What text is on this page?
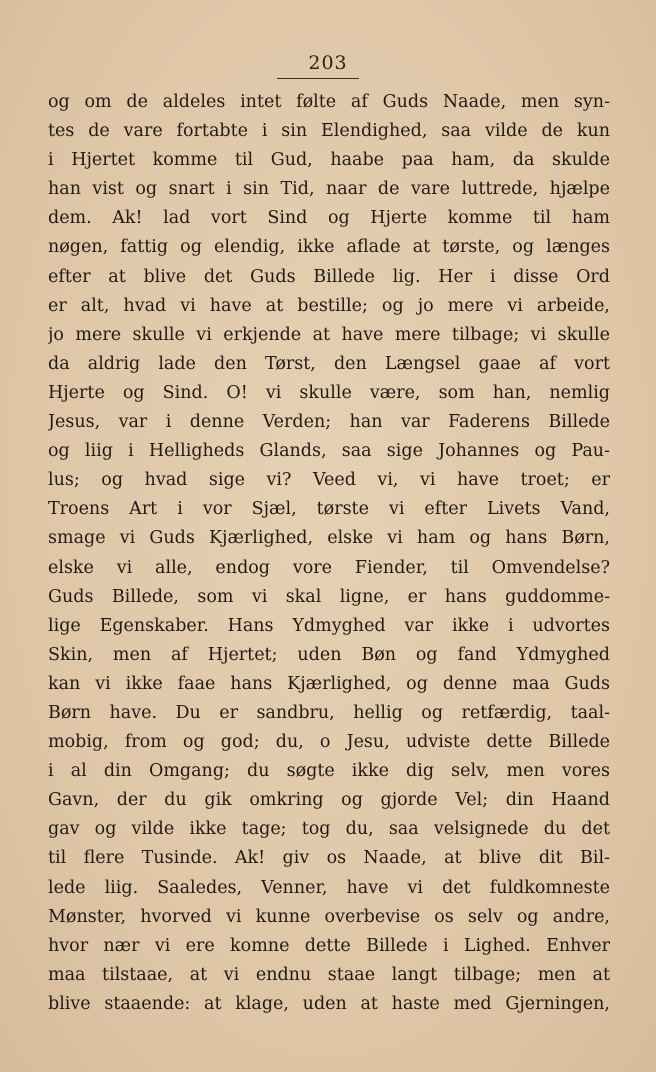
203
og om de aldeles intet følte af Guds Naade, men syn-
tes de vare fortabte i sin Elendighed, saa vilde de kun
i Hjertet komme til Gud, haabe paa ham, da skulde
han vist og snart i sin Tid, naar de vare luttrede, hjælpe
dem. Ak! lad vort Sind og Hjerte komme til ham
nøgen, fattig og elendig, ikke aflade at tørste, og længes
efter at blive det Guds Billede lig. Her i disse Ord
er alt, hvad vi have at bestille; og jo mere vi arbeide,
jo mere skulle vi erkjende at have mere tilbage; vi skulle
da aldrig lade den Tørst, den Længsel gaae af vort
Hjerte og Sind. O! vi skulle være, som han, nemlig
Jesus, var i denne Verden; han var Faderens Billede
og liig i Helligheds Glands, saa sige Johannes og Pau-
lus; og hvad sige vi? Veed vi, vi have troet; er
Troens Art i vor Sjæl, tørste vi efter Livets Vand,
smage vi Guds Kjærlighed, elske vi ham og hans Børn,
elske vi alle, endog vore Fiender, til Omvendelse?
Guds Billede, som vi skal ligne, er hans guddomme-
lige Egenskaber. Hans Ydmyghed var ikke i udvortes
Skin, men af Hjertet; uden Bøn og fand Ydmyghed
kan vi ikke faae hans Kjærlighed, og denne maa Guds
Børn have. Du er sandbru, hellig og retfærdig, taal-
mobig, from og god; du, o Jesu, udviste dette Billede
i al din Omgang; du søgte ikke dig selv, men vores
Gavn, der du gik omkring og gjorde Vel; din Haand
gav og vilde ikke tage; tog du, saa velsignede du det
til flere Tusinde. Ak! giv os Naade, at blive dit Bil-
lede liig. Saaledes, Venner, have vi det fuldkomneste
Mønster, hvorved vi kunne overbevise os selv og andre,
hvor nær vi ere komne dette Billede i Lighed. Enhver
maa tilstaae, at vi endnu staae langt tilbage; men at
blive staaende: at klage, uden at haste med Gjerningen,
